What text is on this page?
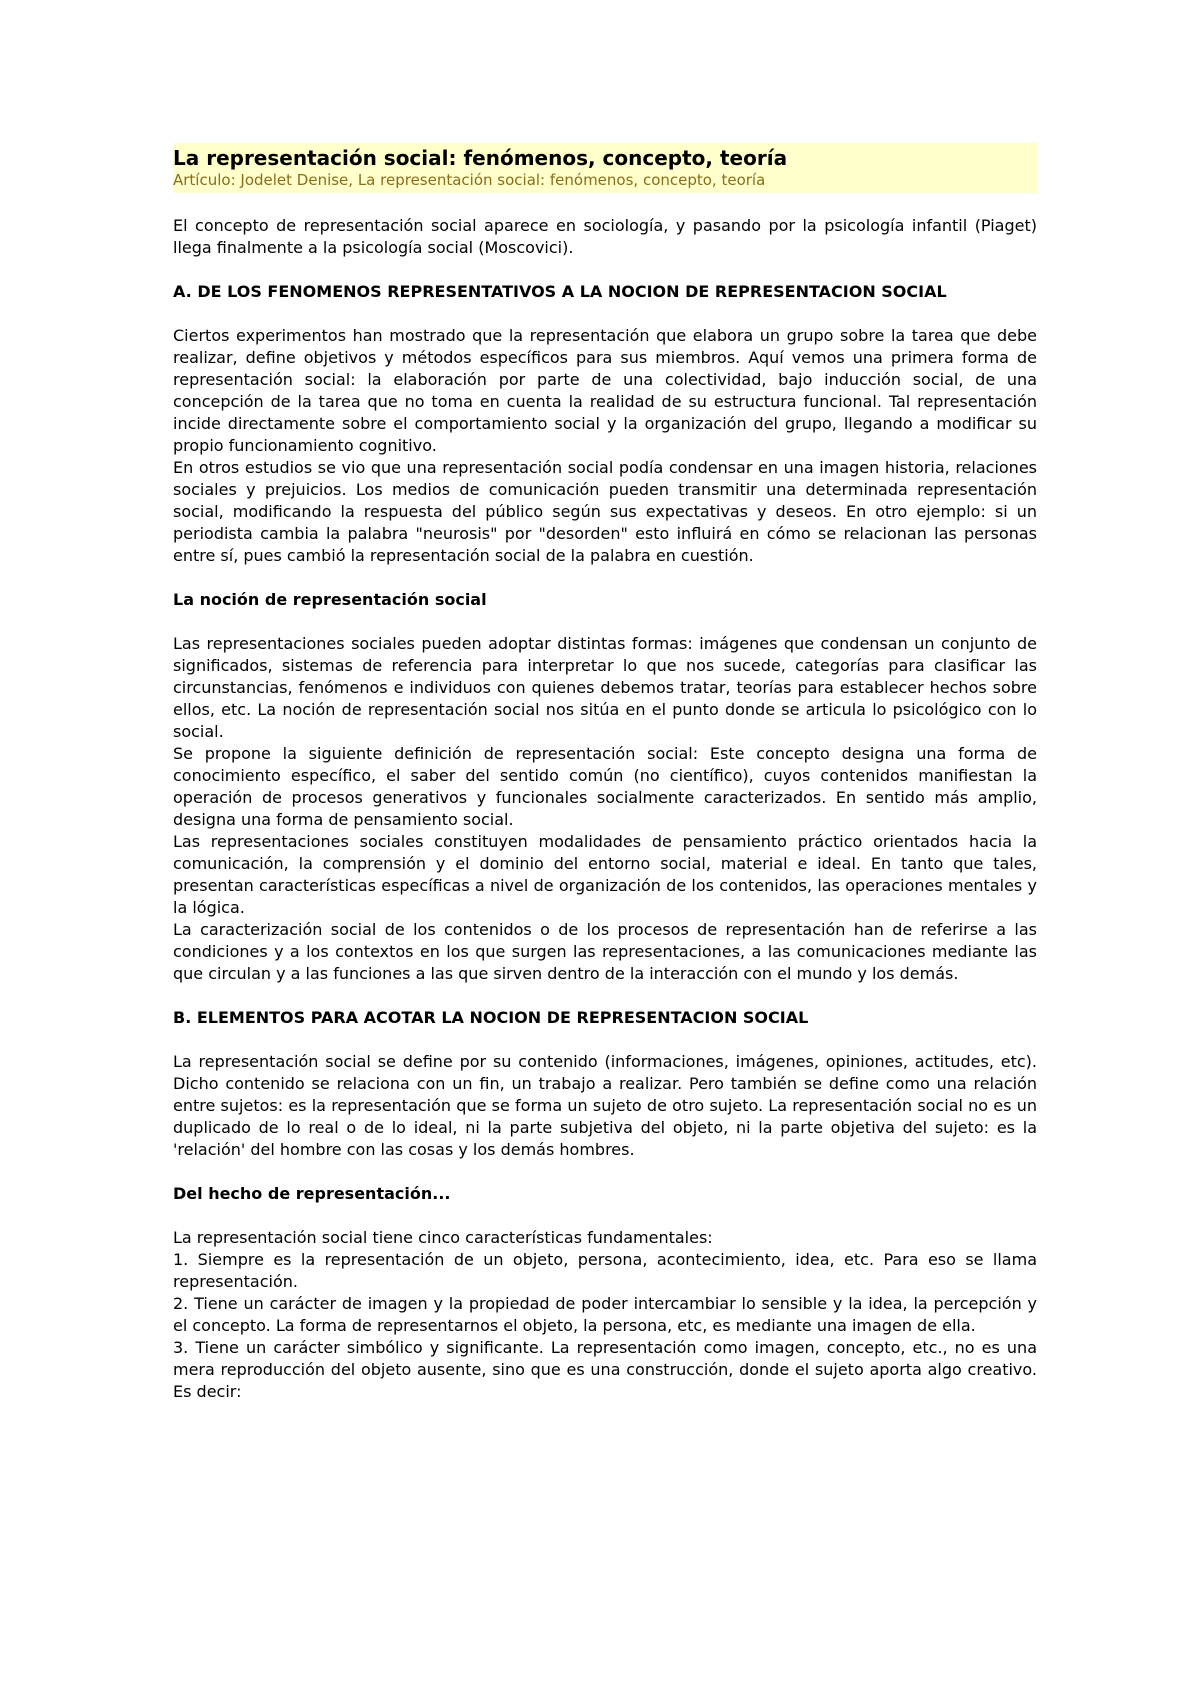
La representación social: fenómenos, concepto, teoría
Artículo: Jodelet Denise, La representación social: fenómenos, concepto, teoría

El concepto de representación social aparece en sociología, y pasando por la psicología infantil (Piaget) llega finalmente a la psicología social (Moscovici).

A. DE LOS FENOMENOS REPRESENTATIVOS A LA NOCION DE REPRESENTACION SOCIAL

Ciertos experimentos han mostrado que la representación que elabora un grupo sobre la tarea que debe realizar, define objetivos y métodos específicos para sus miembros. Aquí vemos una primera forma de representación social: la elaboración por parte de una colectividad, bajo inducción social, de una concepción de la tarea que no toma en cuenta la realidad de su estructura funcional. Tal representación incide directamente sobre el comportamiento social y la organización del grupo, llegando a modificar su propio funcionamiento cognitivo.

En otros estudios se vio que una representación social podía condensar en una imagen historia, relaciones sociales y prejuicios. Los medios de comunicación pueden transmitir una determinada representación social, modificando la respuesta del público según sus expectativas y deseos. En otro ejemplo: si un periodista cambia la palabra "neurosis" por "desorden" esto influirá en cómo se relacionan las personas entre sí, pues cambió la representación social de la palabra en cuestión.

La noción de representación social

Las representaciones sociales pueden adoptar distintas formas: imágenes que condensan un conjunto de significados, sistemas de referencia para interpretar lo que nos sucede, categorías para clasificar las circunstancias, fenómenos e individuos con quienes debemos tratar, teorías para establecer hechos sobre ellos, etc. La noción de representación social nos sitúa en el punto donde se articula lo psicológico con lo social.

Se propone la siguiente definición de representación social: Este concepto designa una forma de conocimiento específico, el saber del sentido común (no científico), cuyos contenidos manifiestan la operación de procesos generativos y funcionales socialmente caracterizados. En sentido más amplio, designa una forma de pensamiento social.

Las representaciones sociales constituyen modalidades de pensamiento práctico orientados hacia la comunicación, la comprensión y el dominio del entorno social, material e ideal. En tanto que tales, presentan características específicas a nivel de organización de los contenidos, las operaciones mentales y la lógica.

La caracterización social de los contenidos o de los procesos de representación han de referirse a las condiciones y a los contextos en los que surgen las representaciones, a las comunicaciones mediante las que circulan y a las funciones a las que sirven dentro de la interacción con el mundo y los demás.

B. ELEMENTOS PARA ACOTAR LA NOCION DE REPRESENTACION SOCIAL

La representación social se define por su contenido (informaciones, imágenes, opiniones, actitudes, etc). Dicho contenido se relaciona con un fin, un trabajo a realizar. Pero también se define como una relación entre sujetos: es la representación que se forma un sujeto de otro sujeto. La representación social no es un duplicado de lo real o de lo ideal, ni la parte subjetiva del objeto, ni la parte objetiva del sujeto: es la 'relación' del hombre con las cosas y los demás hombres.

Del hecho de representación...

La representación social tiene cinco características fundamentales:

1. Siempre es la representación de un objeto, persona, acontecimiento, idea, etc. Para eso se llama representación.

2. Tiene un carácter de imagen y la propiedad de poder intercambiar lo sensible y la idea, la percepción y el concepto. La forma de representarnos el objeto, la persona, etc, es mediante una imagen de ella.

3. Tiene un carácter simbólico y significante. La representación como imagen, concepto, etc., no es una mera reproducción del objeto ausente, sino que es una construcción, donde el sujeto aporta algo creativo. Es decir:
